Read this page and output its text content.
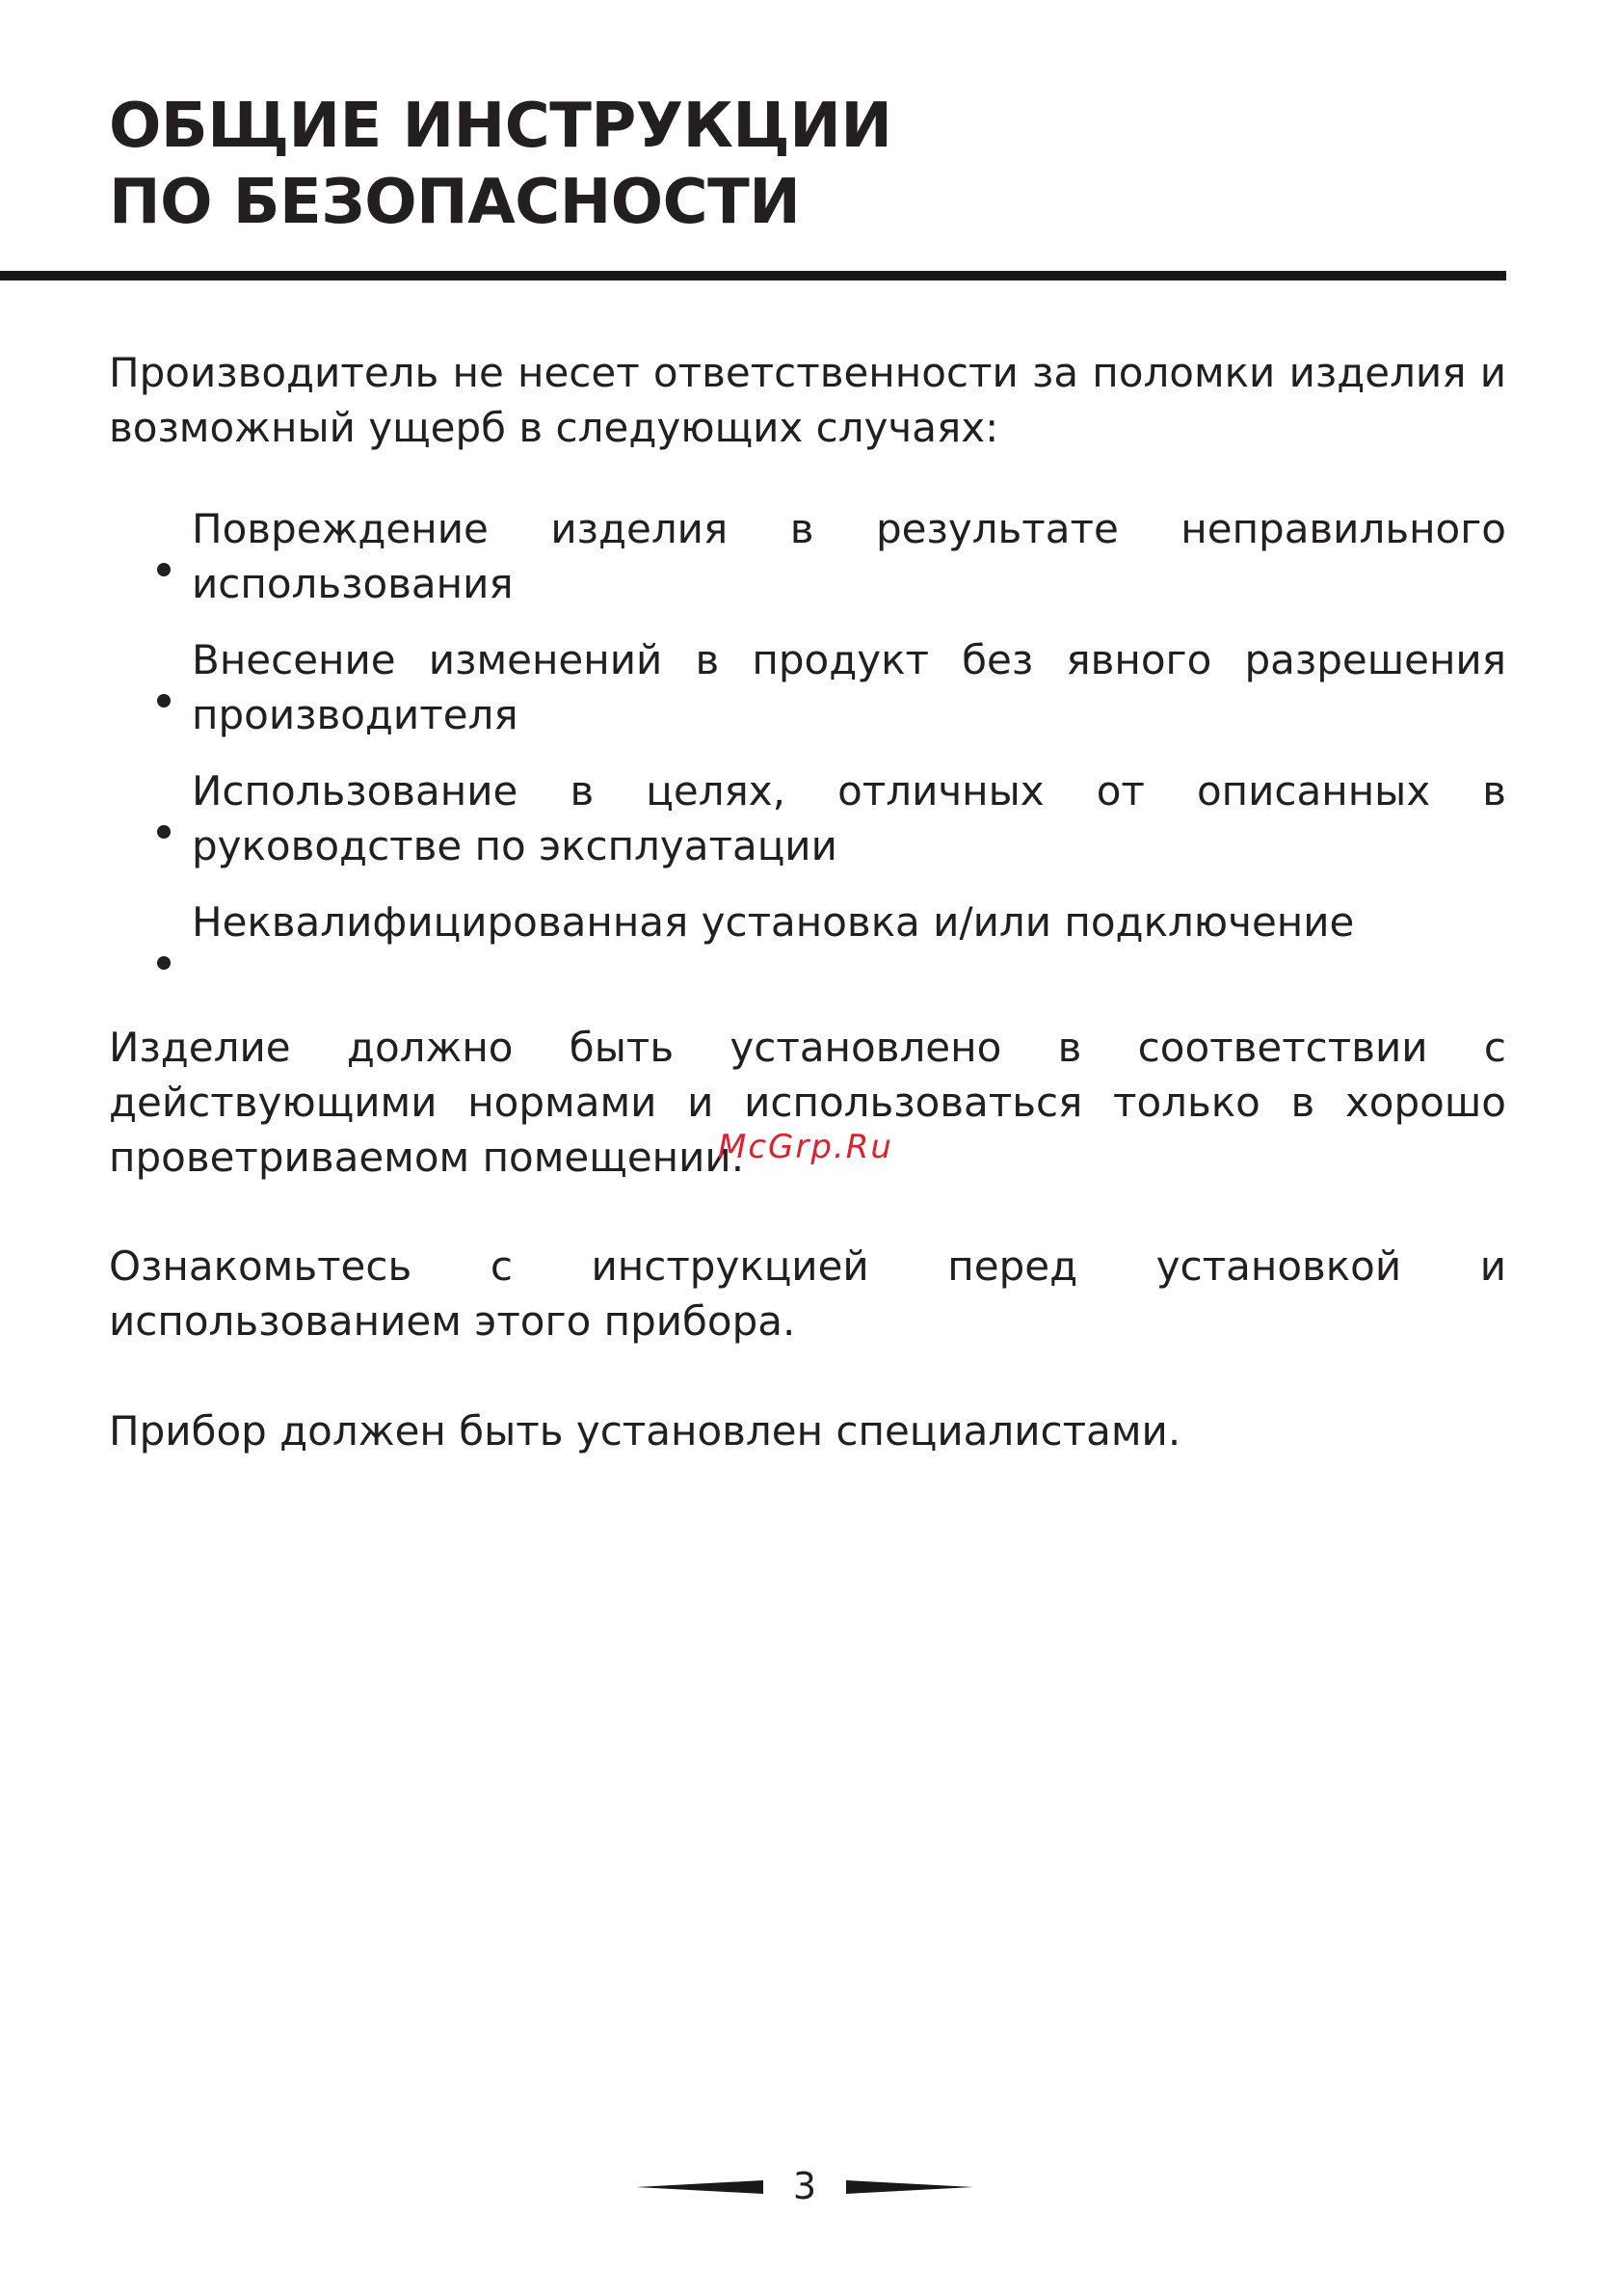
ОБЩИЕ ИНСТРУКЦИИ
ПО БЕЗОПАСНОСТИ

Производитель не несет ответственности за поломки изделия и возможный ущерб в следующих случаях:

Повреждение изделия в результате неправильного использования
Внесение изменений в продукт без явного разрешения производителя
Использование в целях, отличных от описанных в руководстве по эксплуатации
Неквалифицированная установка и/или подключение

Изделие должно быть установлено в соответствии с действующими нормами и использоваться только в хорошо проветриваемом помещении.

McGrp.Ru

Ознакомьтесь с инструкцией перед установкой и использованием этого прибора.

Прибор должен быть установлен специалистами.

3
